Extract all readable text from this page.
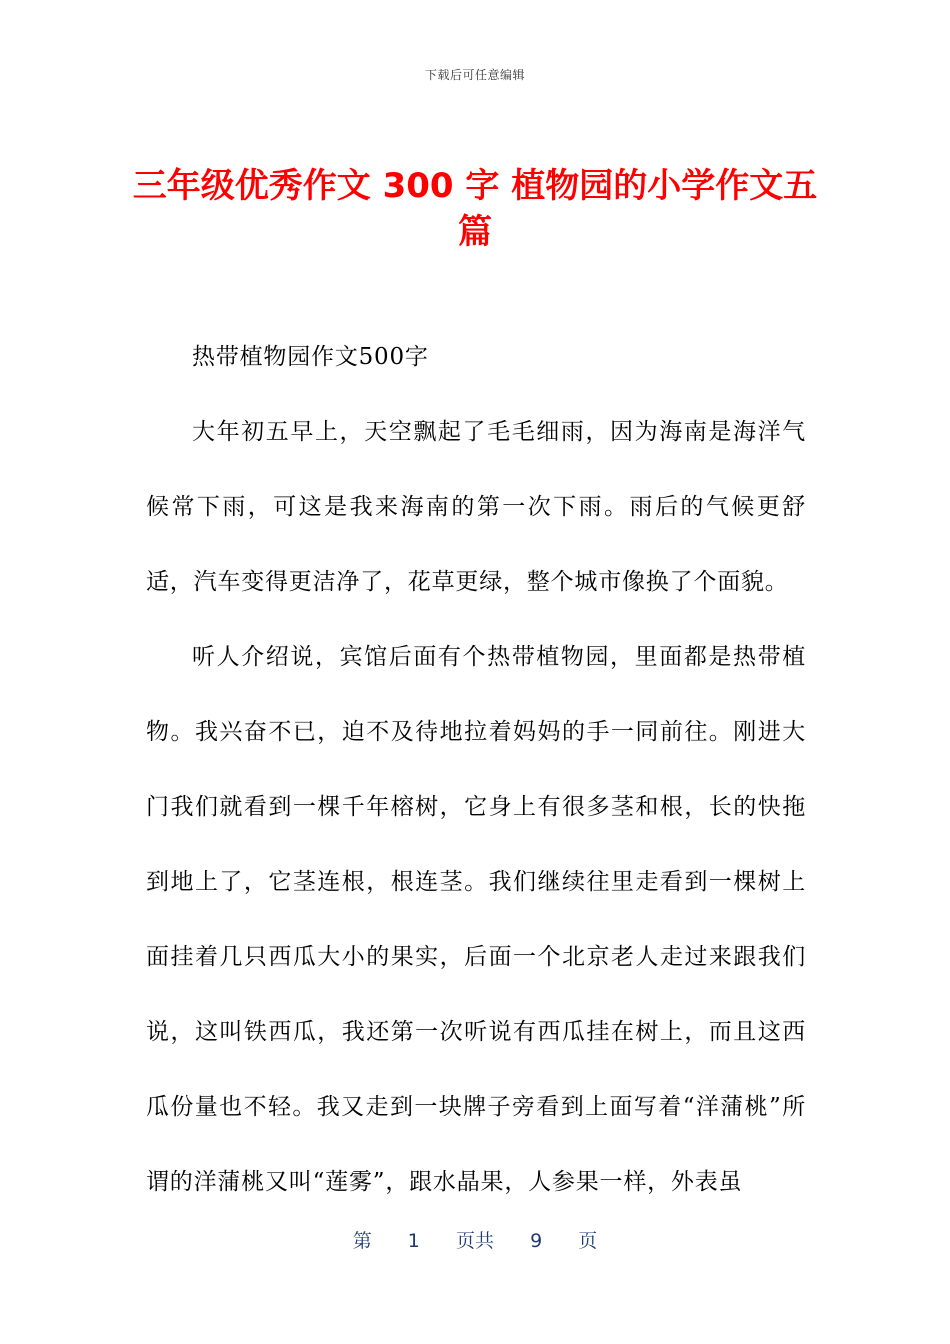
下载后可任意编辑
三年级优秀作文 300 字 植物园的小学作文五篇

热带植物园作文500字

大年初五早上，天空飘起了毛毛细雨，因为海南是海洋气候常下雨，可这是我来海南的第一次下雨。雨后的气候更舒适，汽车变得更洁净了，花草更绿，整个城市像换了个面貌。

听人介绍说，宾馆后面有个热带植物园，里面都是热带植物。我兴奋不已，迫不及待地拉着妈妈的手一同前往。刚进大门我们就看到一棵千年榕树，它身上有很多茎和根，长的快拖到地上了，它茎连根，根连茎。我们继续往里走看到一棵树上面挂着几只西瓜大小的果实，后面一个北京老人走过来跟我们说，这叫铁西瓜，我还第一次听说有西瓜挂在树上，而且这西瓜份量也不轻。我又走到一块牌子旁看到上面写着“洋蒲桃”所谓的洋蒲桃又叫“莲雾”，跟水晶果，人参果一样，外表虽

第 1 页共 9 页
